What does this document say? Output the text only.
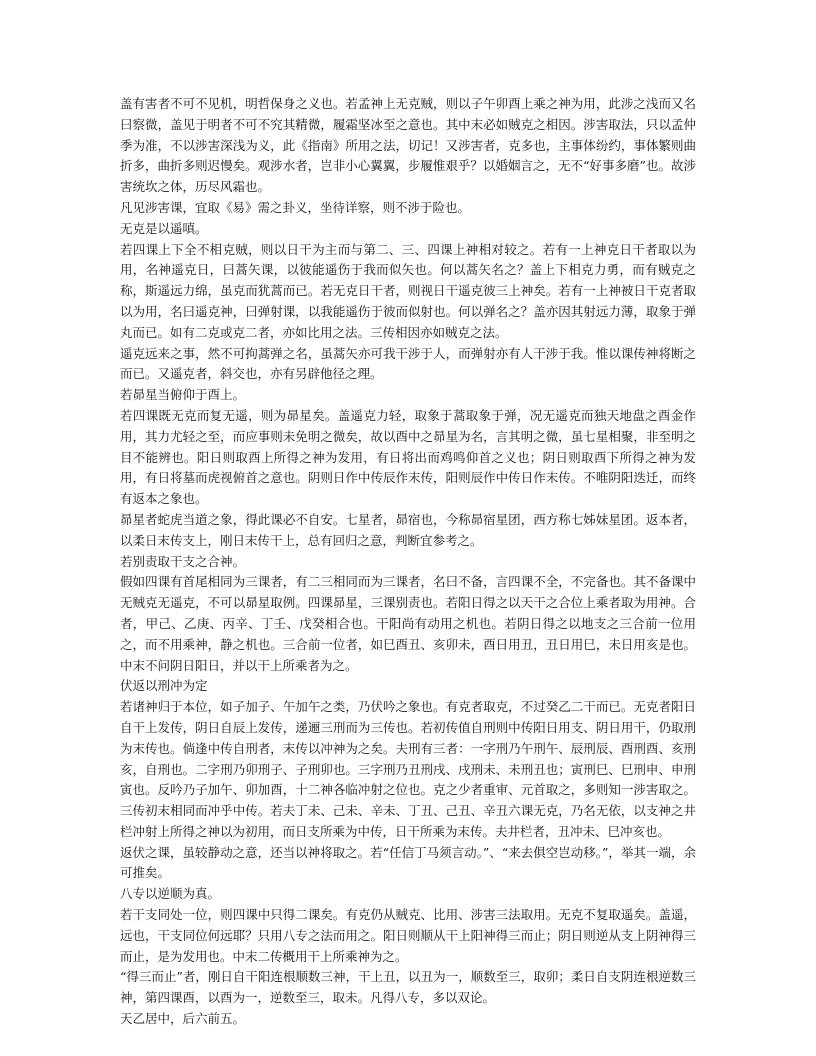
盖有害者不可不见机，明哲保身之义也。若孟神上无克贼，则以子午卯酉上乘之神为用，此涉之浅而又名曰察微，盖见于明者不可不究其精微，履霜坚冰至之意也。其中末必如贼克之相因。涉害取法，只以孟仲季为准，不以涉害深浅为义，此《指南》所用之法，切记！又涉害者，克多也，主事体纷约，事体繁则曲折多，曲折多则迟慢矣。观涉水者，岂非小心翼翼，步履惟艰乎？以婚姻言之，无不“好事多磨”也。故涉害统坎之体，历尽风霜也。

凡见涉害课，宜取《易》需之卦义，坐待详察，则不涉于险也。

无克是以遥嗔。

若四课上下全不相克贼，则以日干为主而与第二、三、四课上神相对较之。若有一上神克日干者取以为用，名神遥克日，曰蒿矢课，以彼能遥伤于我而似矢也。何以蒿矢名之？盖上下相克力勇，而有贼克之称，斯遥远力绵，虽克而犹蒿而已。若无克日干者，则视日干遥克彼三上神矣。若有一上神被日干克者取以为用，名曰遥克神，曰弹射课，以我能遥伤于彼而似射也。何以弹名之？盖亦因其射远力薄，取象于弹丸而已。如有二克或克二者，亦如比用之法。三传相因亦如贼克之法。

遥克远来之事，然不可拘蒿弹之名，虽蒿矢亦可我干涉于人，而弹射亦有人干涉于我。惟以课传神将断之而已。又遥克者，斜交也，亦有另辟他径之理。

若昴星当俯仰于酉上。

若四课既无克而复无遥，则为昴星矣。盖遥克力轻，取象于蒿取象于弹，况无遥克而独天地盘之酉金作用，其力尤轻之至，而应事则未免明之微矣，故以酉中之昴星为名，言其明之微，虽七星相聚，非至明之目不能辨也。阳日则取酉上所得之神为发用，有日将出而鸡鸣仰首之义也；阴日则取酉下所得之神为发用，有日将墓而虎视俯首之意也。阴则日作中传辰作末传，阳则辰作中传日作末传。不唯阴阳迭迁，而终有返本之象也。

昴星者蛇虎当道之象，得此课必不自安。七星者，昴宿也，今称昴宿星团，西方称七姊妹星团。返本者，以柔日末传支上，刚日末传干上，总有回归之意，判断宜参考之。

若别责取干支之合神。

假如四课有首尾相同为三课者，有二三相同而为三课者，名曰不备，言四课不全，不完备也。其不备课中无贼克无遥克，不可以昴星取例。四课昴星，三课别责也。若阳日得之以天干之合位上乘者取为用神。合者，甲己、乙庚、丙辛、丁壬、戊癸相合也。干阳尚有动用之机也。若阴日得之以地支之三合前一位用之，而不用乘神，静之机也。三合前一位者，如巳酉丑、亥卯未，酉日用丑，丑日用巳，未日用亥是也。中末不问阴日阳日，并以干上所乘者为之。

伏返以刑冲为定

若诸神归于本位，如子加子、午加午之类，乃伏吟之象也。有克者取克，不过癸乙二干而已。无克者阳日自干上发传，阴日自辰上发传，递逦三刑而为三传也。若初传值自刑则中传阳日用支、阴日用干，仍取刑为末传也。倘逢中传自刑者，末传以冲神为之矣。夫刑有三者：一字刑乃午刑午、辰刑辰、酉刑酉、亥刑亥，自刑也。二字刑乃卯刑子、子刑卯也。三字刑乃丑刑戌、戌刑未、未刑丑也；寅刑巳、巳刑申、申刑寅也。反吟乃子加午、卯加酉，十二神各临冲射之位也。克之少者重审、元首取之，多则知一涉害取之。三传初末相同而冲乎中传。若夫丁未、己未、辛未、丁丑、己丑、辛丑六课无克，乃名无依，以支神之井栏冲射上所得之神以为初用，而日支所乘为中传，日干所乘为末传。夫井栏者，丑冲未、巳冲亥也。

返伏之课，虽较静动之意，还当以神将取之。若“任信丁马须言动。”、“来去俱空岂动移。”，举其一端，余可推矣。

八专以逆顺为真。

若干支同处一位，则四课中只得二课矣。有克仍从贼克、比用、涉害三法取用。无克不复取遥矣。盖遥，远也，干支同位何远耶？只用八专之法而用之。阳日则顺从干上阳神得三而止；阴日则逆从支上阴神得三而止，是为发用也。中末二传概用干上所乘神为之。

“得三而止”者，刚日自干阳连根顺数三神，干上丑，以丑为一，顺数至三，取卯；柔日自支阴连根逆数三神，第四课酉，以酉为一，逆数至三，取未。凡得八专，多以双论。

天乙居中，后六前五。
